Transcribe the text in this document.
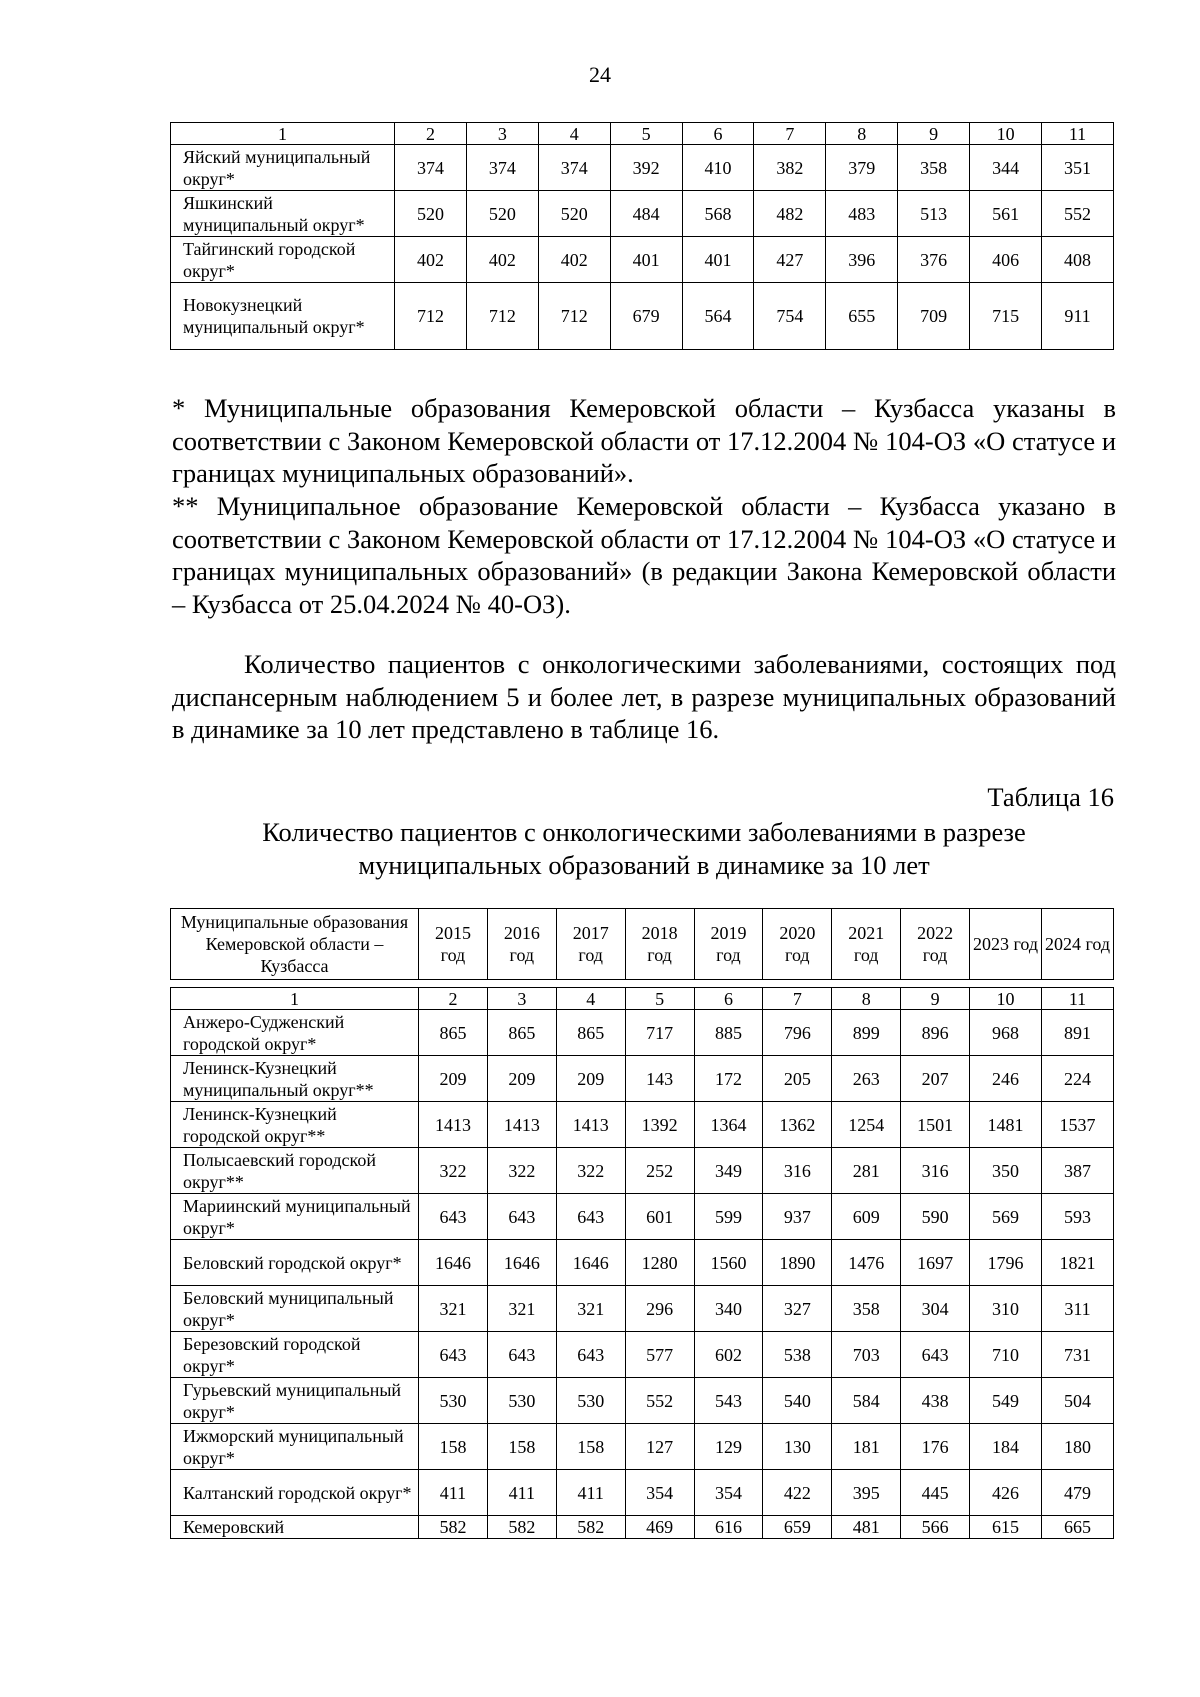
24
1	2	3	4	5	6	7	8	9	10	11
Яйский муниципальный округ*	374	374	374	392	410	382	379	358	344	351
Яшкинский муниципальный округ*	520	520	520	484	568	482	483	513	561	552
Тайгинский городской округ*	402	402	402	401	401	427	396	376	406	408
Новокузнецкий муниципальный округ*	712	712	712	679	564	754	655	709	715	911

* Муниципальные образования Кемеровской области – Кузбасса указаны в соответствии с Законом Кемеровской области от 17.12.2004 № 104-ОЗ «О статусе и границах муниципальных образований».

** Муниципальное образование Кемеровской области – Кузбасса указано в соответствии с Законом Кемеровской области от 17.12.2004 № 104-ОЗ «О статусе и границах муниципальных образований» (в редакции Закона Кемеровской области – Кузбасса от 25.04.2024 № 40-ОЗ).

Количество пациентов с онкологическими заболеваниями, состоящих под диспансерным наблюдением 5 и более лет, в разрезе муниципальных образований в динамике за 10 лет представлено в таблице 16.

Таблица 16
Количество пациентов с онкологическими заболеваниями в разрезе
муниципальных образований в динамике за 10 лет
Муниципальные образования Кемеровской области – Кузбасса	2015 год	2016 год	2017 год	2018 год	2019 год	2020 год	2021 год	2022 год	2023 год	2024 год
1	2	3	4	5	6	7	8	9	10	11
Анжеро-Судженский городской округ*	865	865	865	717	885	796	899	896	968	891
Ленинск-Кузнецкий муниципальный округ**	209	209	209	143	172	205	263	207	246	224
Ленинск-Кузнецкий городской округ**	1413	1413	1413	1392	1364	1362	1254	1501	1481	1537
Полысаевский городской округ**	322	322	322	252	349	316	281	316	350	387
Мариинский муниципальный округ*	643	643	643	601	599	937	609	590	569	593
Беловский городской округ*	1646	1646	1646	1280	1560	1890	1476	1697	1796	1821
Беловский муниципальный округ*	321	321	321	296	340	327	358	304	310	311
Березовский городской округ*	643	643	643	577	602	538	703	643	710	731
Гурьевский муниципальный округ*	530	530	530	552	543	540	584	438	549	504
Ижморский муниципальный округ*	158	158	158	127	129	130	181	176	184	180
Калтанский городской округ*	411	411	411	354	354	422	395	445	426	479
Кемеровский	582	582	582	469	616	659	481	566	615	665
